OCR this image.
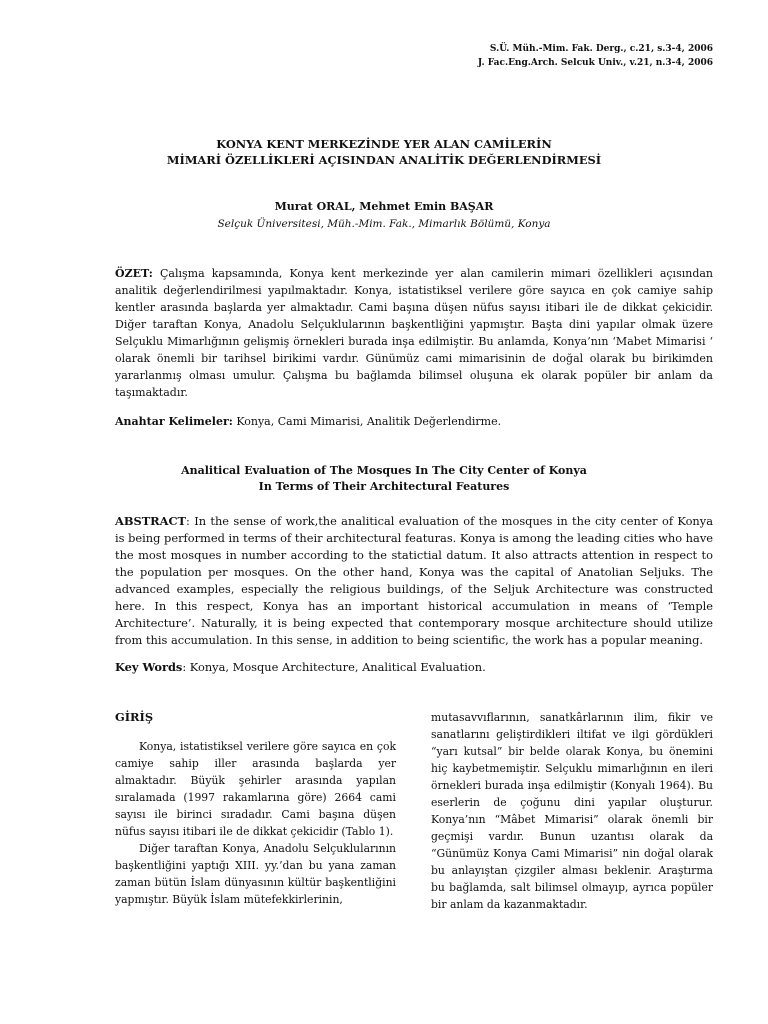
S.Ü. Müh.-Mim. Fak. Derg., c.21, s.3-4, 2006
J. Fac.Eng.Arch. Selcuk Univ., v.21, n.3-4, 2006
KONYA KENT MERKEZİNDE YER ALAN CAMİLERİN
MİMARİ ÖZELLİKLERİ AÇISINDAN ANALİTİK DEĞERLENDİRMESİ
Murat ORAL, Mehmet Emin BAŞAR
Selçuk Üniversitesi, Müh.-Mim. Fak., Mimarlık Bölümü, Konya
ÖZET: Çalışma kapsamında, Konya kent merkezinde yer alan camilerin mimari özellikleri açısından analitik değerlendirilmesi yapılmaktadır. Konya, istatistiksel verilere göre sayıca en çok camiye sahip kentler arasında başlarda yer almaktadır. Cami başına düşen nüfus sayısı itibari ile de dikkat çekicidir. Diğer taraftan Konya, Anadolu Selçuklularının başkentliğini yapmıştır. Başta dini yapılar olmak üzere Selçuklu Mimarlığının gelişmiş örnekleri burada inşa edilmiştir. Bu anlamda, Konya’nın ‘Mabet Mimarisi ‘ olarak önemli bir tarihsel birikimi vardır. Günümüz cami mimarisinin de doğal olarak bu birikimden yararlanmış olması umulur. Çalışma bu bağlamda bilimsel oluşuna ek olarak popüler bir anlam da taşımaktadır.
Anahtar Kelimeler: Konya, Cami Mimarisi, Analitik Değerlendirme.
Analitical Evaluation of The Mosques In The City Center of Konya
In Terms of Their Architectural Features
ABSTRACT: In the sense of work,the analitical evaluation of the mosques in the city center of Konya is being performed in terms of their architectural featuras. Konya is among the leading cities who have the most mosques in number according to the statictial datum. It also attracts attention in respect to the population per mosques. On the other hand, Konya was the capital of Anatolian Seljuks. The advanced examples, especially the religious buildings, of the Seljuk Architecture was constructed here. In this respect, Konya has an important historical accumulation in means of ‘Temple Architecture’. Naturally, it is being expected that contemporary mosque architecture should utilize from this accumulation. In this sense, in addition to being scientific, the work has a popular meaning.
Key Words: Konya, Mosque Architecture, Analitical Evaluation.
GİRİŞ

Konya, istatistiksel verilere göre sayıca en çok camiye sahip iller arasında başlarda yer almaktadır. Büyük şehirler arasında yapılan sıralamada (1997 rakamlarına göre) 2664 cami sayısı ile birinci sıradadır. Cami başına düşen nüfus sayısı itibari ile de dikkat çekicidir (Tablo 1).

Diğer taraftan Konya, Anadolu Selçuklularının başkentliğini yaptığı XIII. yy.’dan bu yana zaman zaman bütün İslam dünyasının kültür başkentliğini yapmıştır. Büyük İslam mütefekkirlerinin,

mutasavvıflarının, sanatkârlarının ilim, fikir ve sanatlarını geliştirdikleri iltifat ve ilgi gördükleri “yarı kutsal” bir belde olarak Konya, bu önemini hiç kaybetmemiştir. Selçuklu mimarlığının en ileri örnekleri burada inşa edilmiştir (Konyalı 1964). Bu eserlerin de çoğunu dini yapılar oluşturur. Konya’nın “Mâbet Mimarisi” olarak önemli bir geçmişi vardır. Bunun uzantısı olarak da “Günümüz Konya Cami Mimarisi” nin doğal olarak bu anlayıştan çizgiler alması beklenir. Araştırma bu bağlamda, salt bilimsel olmayıp, ayrıca popüler bir anlam da kazanmaktadır.
